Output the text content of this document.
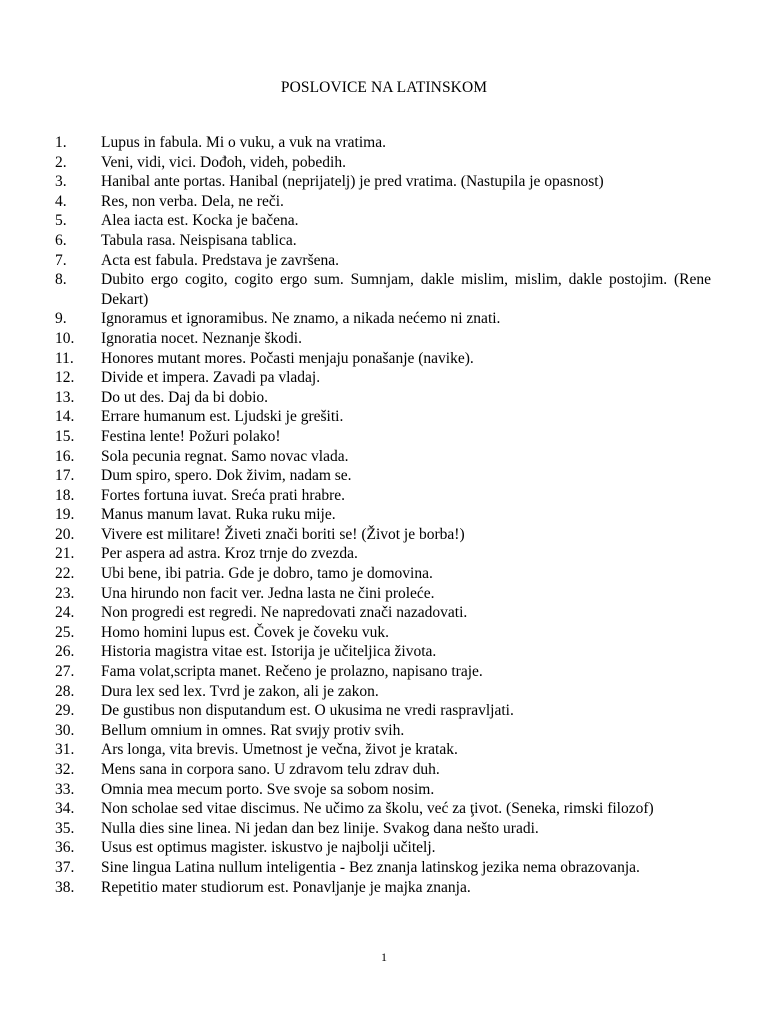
POSLOVICE NA LATINSKOM
1. Lupus in fabula. Mi o vuku, a vuk na vratima.
2. Veni, vidi, vici. Dođoh, videh, pobedih.
3. Hanibal ante portas. Hanibal (neprijatelj) je pred vratima. (Nastupila je opasnost)
4. Res, non verba. Dela, ne reči.
5. Alea iacta est. Kocka je bačena.
6. Tabula rasa. Neispisana tablica.
7. Acta est fabula. Predstava je završena.
8. Dubito ergo cogito, cogito ergo sum. Sumnjam, dakle mislim, mislim, dakle postojim. (Rene Dekart)
9. Ignoramus et ignoramibus. Ne znamo, a nikada nećemo ni znati.
10. Ignoratia nocet. Neznanje škodi.
11. Honores mutant mores. Počasti menjaju ponašanje (navike).
12. Divide et impera. Zavadi pa vladaj.
13. Do ut des. Daj da bi dobio.
14. Errare humanum est. Ljudski je grešiti.
15. Festina lente! Požuri polako!
16. Sola pecunia regnat. Samo novac vlada.
17. Dum spiro, spero. Dok živim, nadam se.
18. Fortes fortuna iuvat. Sreća prati hrabre.
19. Manus manum lavat. Ruka ruku mije.
20. Vivere est militare! Živeti znači boriti se! (Život je borba!)
21. Per aspera ad astra. Kroz trnje do zvezda.
22. Ubi bene, ibi patria. Gde je dobro, tamo je domovina.
23. Una hirundo non facit ver. Jedna lasta ne čini proleće.
24. Non progredi est regredi. Ne napredovati znači nazadovati.
25. Homo homini lupus est. Čovek je čoveku vuk.
26. Historia magistra vitae est. Istorija je učiteljica života.
27. Fama volat,scripta manet. Rečeno je prolazno, napisano traje.
28. Dura lex sed lex. Tvrd je zakon, ali je zakon.
29. De gustibus non disputandum est. O ukusima ne vredi raspravljati.
30. Bellum omnium in omnes. Rat svију protiv svih.
31. Ars longa, vita brevis. Umetnost je večna, život je kratak.
32. Mens sana in corpora sano. U zdravom telu zdrav duh.
33. Omnia mea mecum porto. Sve svoje sa sobom nosim.
34. Non scholae sed vitae discimus. Ne učimo za školu, već za ţivot. (Seneka, rimski filozof)
35. Nulla dies sine linea. Ni jedan dan bez linije. Svakog dana nešto uradi.
36. Usus est optimus magister. iskustvo je najbolji učitelj.
37. Sine lingua Latina nullum inteligentia - Bez znanja latinskog jezika nema obrazovanja.
38. Repetitio mater studiorum est. Ponavljanje je majka znanja.
1
